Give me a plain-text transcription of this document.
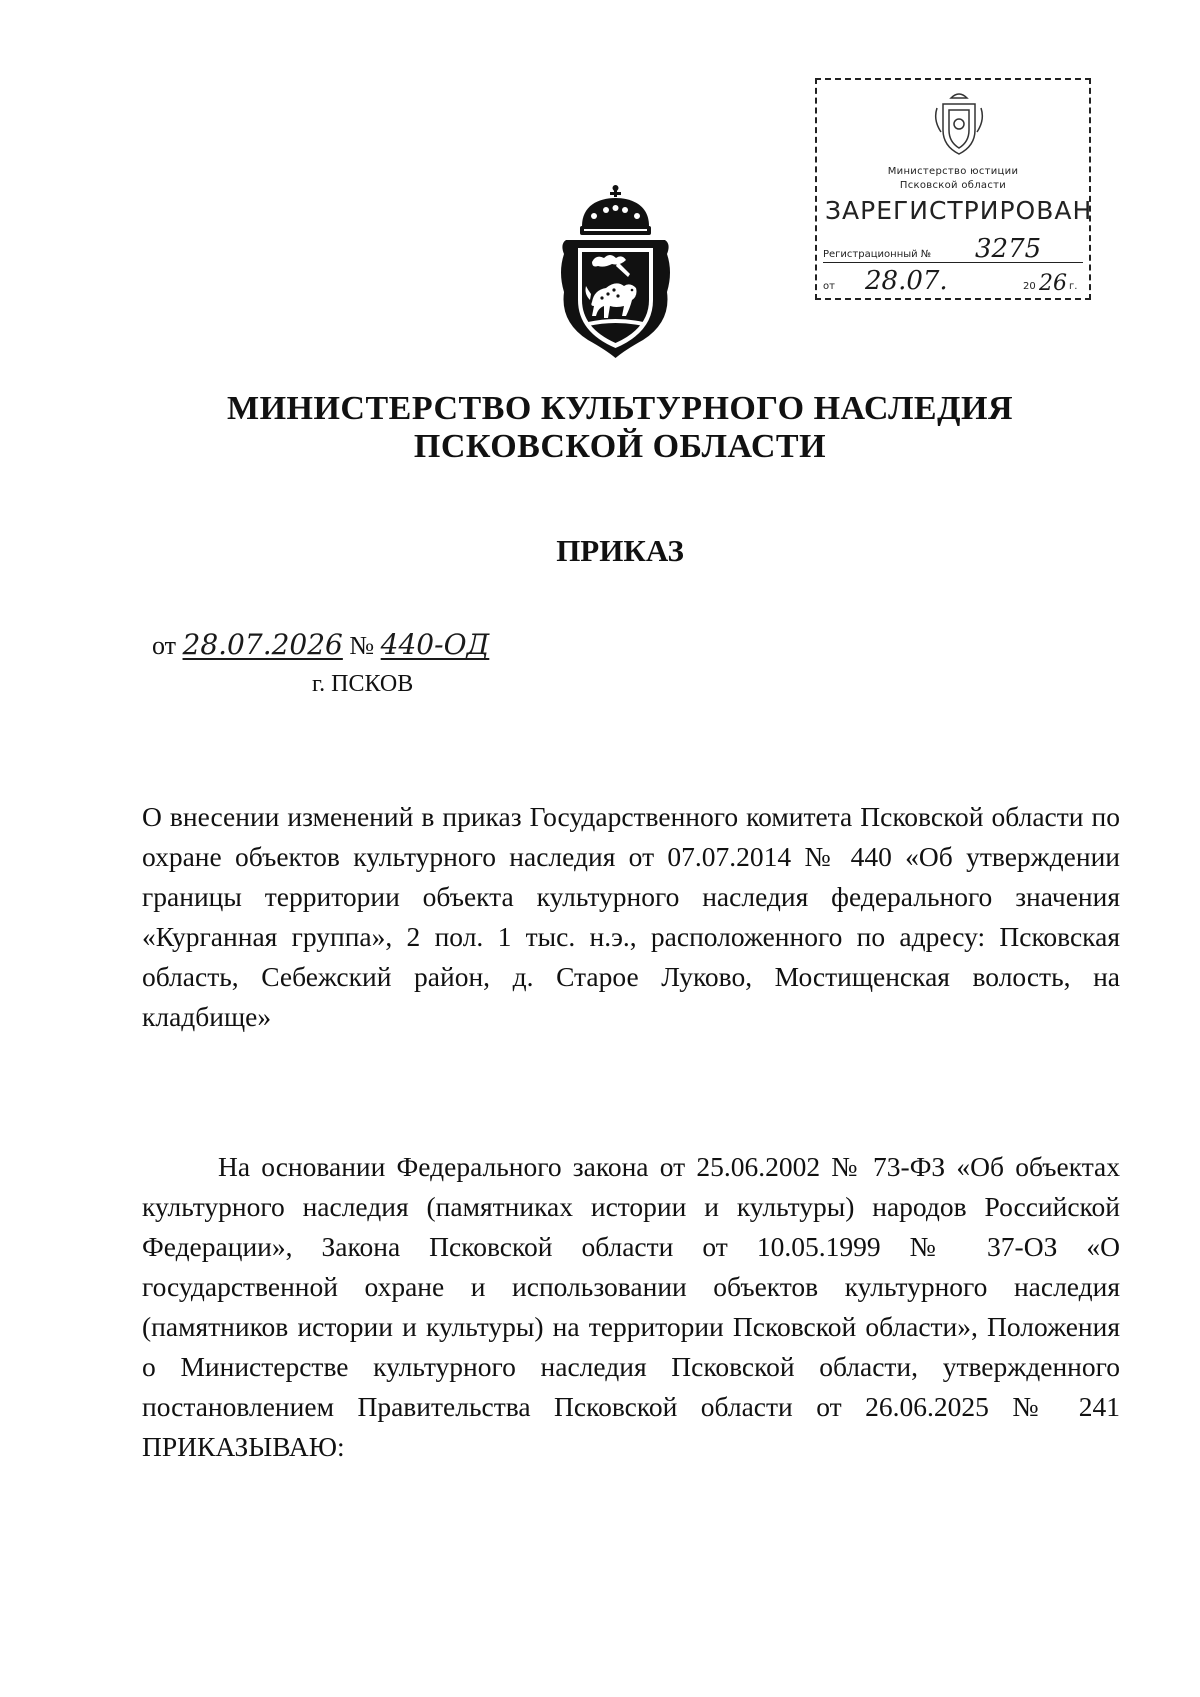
Министерство юстиции
Псковской области
ЗАРЕГИСТРИРОВАН
Регистрационный № 3275
от 28.07.	20 26 г.
МИНИСТЕРСТВО КУЛЬТУРНОГО НАСЛЕДИЯ
ПСКОВСКОЙ ОБЛАСТИ
ПРИКАЗ
от 28.07.2026 № 440-ОД
г. ПСКОВ
О внесении изменений в приказ Государственного комитета Псковской области по охране объектов культурного наследия от 07.07.2014 № 440 «Об утверждении границы территории объекта культурного наследия федерального значения «Курганная группа», 2 пол. 1 тыс. н.э., расположенного по адресу: Псковская область, Себежский район, д. Старое Луково, Мостищенская волость, на кладбище»
На основании Федерального закона от 25.06.2002 № 73-ФЗ «Об объектах культурного наследия (памятниках истории и культуры) народов Российской Федерации», Закона Псковской области от 10.05.1999 № 37-ОЗ «О государственной охране и использовании объектов культурного наследия (памятников истории и культуры) на территории Псковской области», Положения о Министерстве культурного наследия Псковской области, утвержденного постановлением Правительства Псковской области от 26.06.2025 № 241 ПРИКАЗЫВАЮ:
